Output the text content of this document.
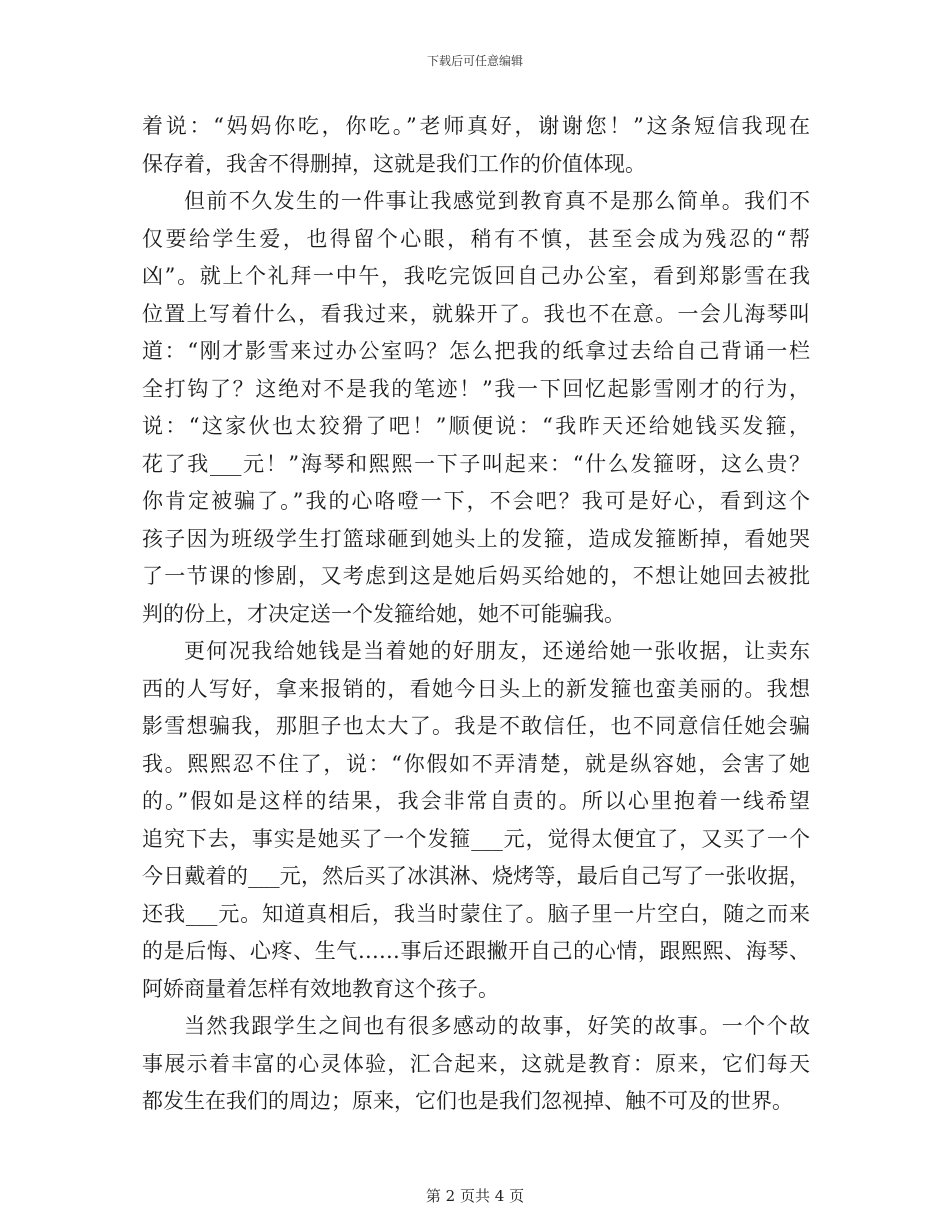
下载后可任意编辑
着说：“妈妈你吃，你吃。”老师真好，谢谢您！”这条短信我现在
保存着，我舍不得删掉，这就是我们工作的价值体现。
但前不久发生的一件事让我感觉到教育真不是那么简单。我们不
仅要给学生爱，也得留个心眼，稍有不慎，甚至会成为残忍的“帮
凶”。就上个礼拜一中午，我吃完饭回自己办公室，看到郑影雪在我
位置上写着什么，看我过来，就躲开了。我也不在意。一会儿海琴叫
道：“刚才影雪来过办公室吗？怎么把我的纸拿过去给自己背诵一栏
全打钩了？这绝对不是我的笔迹！”我一下回忆起影雪刚才的行为，
说：“这家伙也太狡猾了吧！”顺便说：“我昨天还给她钱买发箍，
花了我___元！”海琴和熙熙一下子叫起来：“什么发箍呀，这么贵？
你肯定被骗了。”我的心咯噔一下，不会吧？我可是好心，看到这个
孩子因为班级学生打篮球砸到她头上的发箍，造成发箍断掉，看她哭
了一节课的惨剧，又考虑到这是她后妈买给她的，不想让她回去被批
判的份上，才决定送一个发箍给她，她不可能骗我。
更何况我给她钱是当着她的好朋友，还递给她一张收据，让卖东
西的人写好，拿来报销的，看她今日头上的新发箍也蛮美丽的。我想
影雪想骗我，那胆子也太大了。我是不敢信任，也不同意信任她会骗
我。熙熙忍不住了，说：“你假如不弄清楚，就是纵容她，会害了她
的。”假如是这样的结果，我会非常自责的。所以心里抱着一线希望
追究下去，事实是她买了一个发箍___元，觉得太便宜了，又买了一个
今日戴着的___元，然后买了冰淇淋、烧烤等，最后自己写了一张收据，
还我___元。知道真相后，我当时蒙住了。脑子里一片空白，随之而来
的是后悔、心疼、生气……事后还跟撇开自己的心情，跟熙熙、海琴、
阿娇商量着怎样有效地教育这个孩子。
当然我跟学生之间也有很多感动的故事，好笑的故事。一个个故
事展示着丰富的心灵体验，汇合起来，这就是教育：原来，它们每天
都发生在我们的周边；原来，它们也是我们忽视掉、触不可及的世界。
第 2 页共 4 页
